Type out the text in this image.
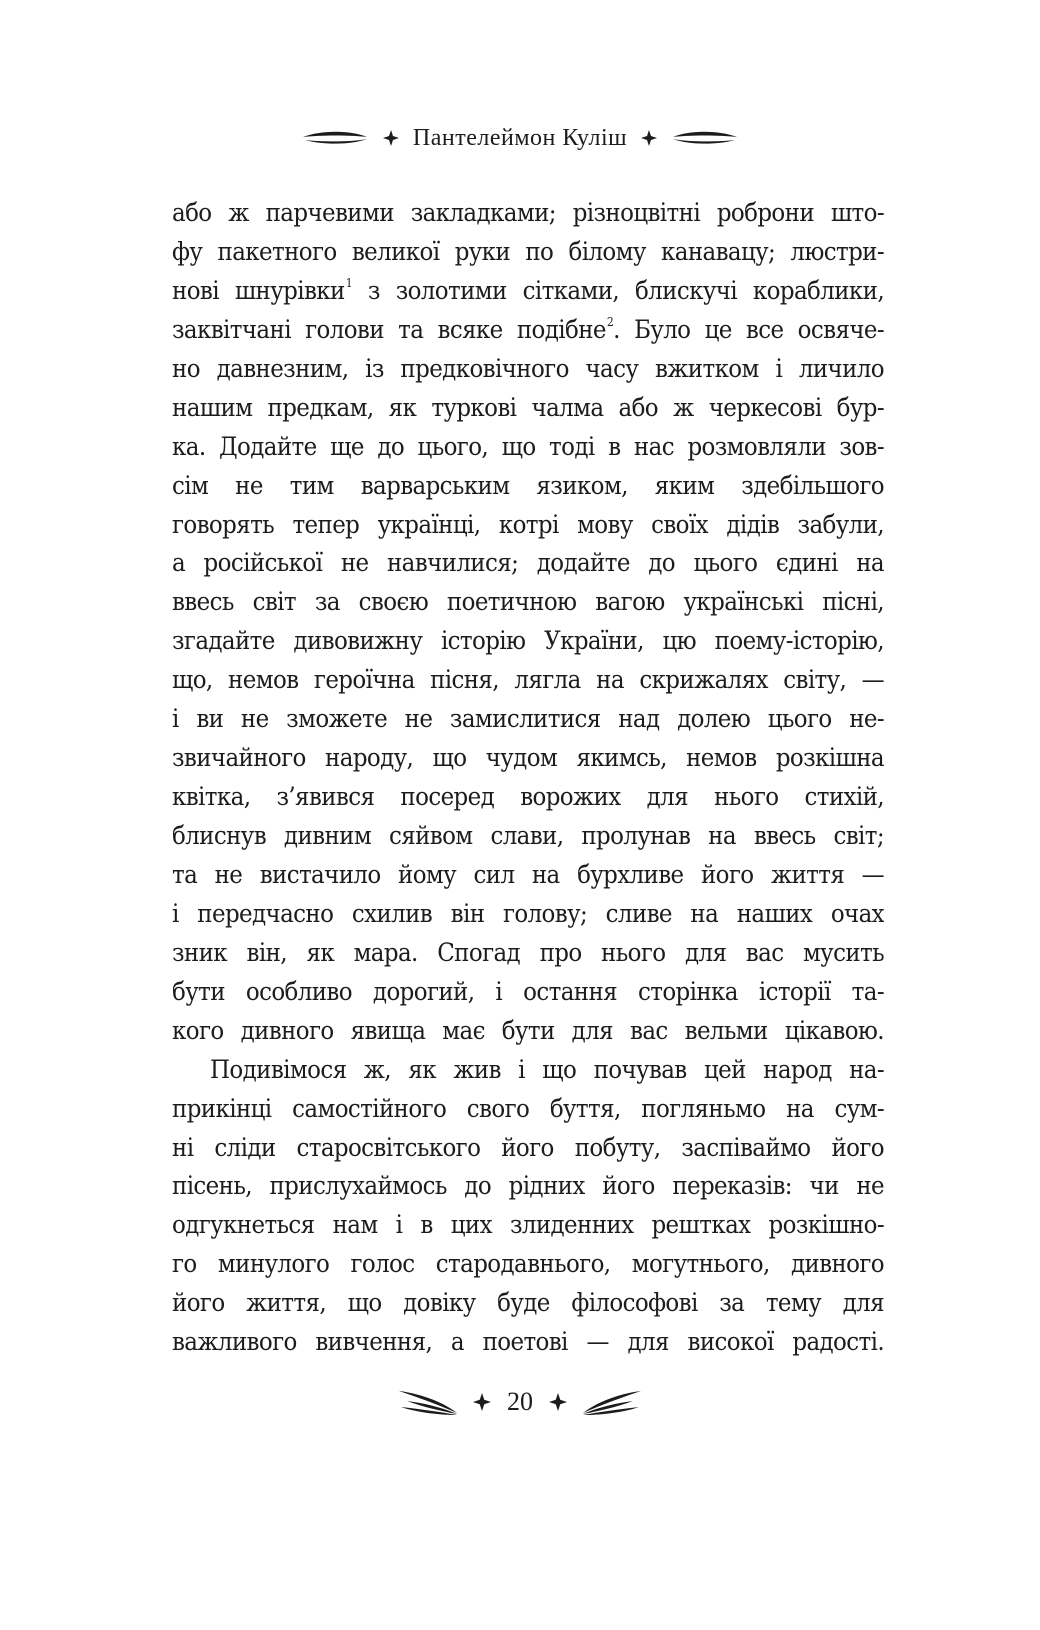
Пантелеймон Куліш
або ж парчевими закладками; різноцвітні роброни што-
фу пакетного великої руки по білому канавацу; люстри-
нові шнурівки$^1$ з золотими сітками, блискучі кораблики,
заквітчані голови та всяке подібне$^2$. Було це все освяче-
но давнезним, із предковічного часу вжитком і личило
нашим предкам, як туркові чалма або ж черкесові бур-
ка. Додайте ще до цього, що тоді в нас розмовляли зов-
сім не тим варварським язиком, яким здебільшого
говорять тепер українці, котрі мову своїх дідів забули,
а російської не навчилися; додайте до цього єдині на
ввесь світ за своєю поетичною вагою українські пісні,
згадайте дивовижну історію України, цю поему-історію,
що, немов героїчна пісня, лягла на скрижалях світу, —
і ви не зможете не замислитися над долею цього не-
звичайного народу, що чудом якимсь, немов розкішна
квітка, з’явився посеред ворожих для нього стихій,
блиснув дивним сяйвом слави, пролунав на ввесь світ;
та не вистачило йому сил на бурхливе його життя —
і передчасно схилив він голову; сливе на наших очах
зник він, як мара. Спогад про нього для вас мусить
бути особливо дорогий, і остання сторінка історії та-
кого дивного явища має бути для вас вельми цікавою.
Подивімося ж, як жив і що почував цей народ на-
прикінці самостійного свого буття, погляньмо на сум-
ні сліди старосвітського його побуту, заспіваймо його
пісень, прислухаймось до рідних його переказів: чи не
одгукнеться нам і в цих злиденних рештках розкішно-
го минулого голос стародавнього, могутнього, дивного
його життя, що довіку буде філософові за тему для
важливого вивчення, а поетові — для високої радості.
20
